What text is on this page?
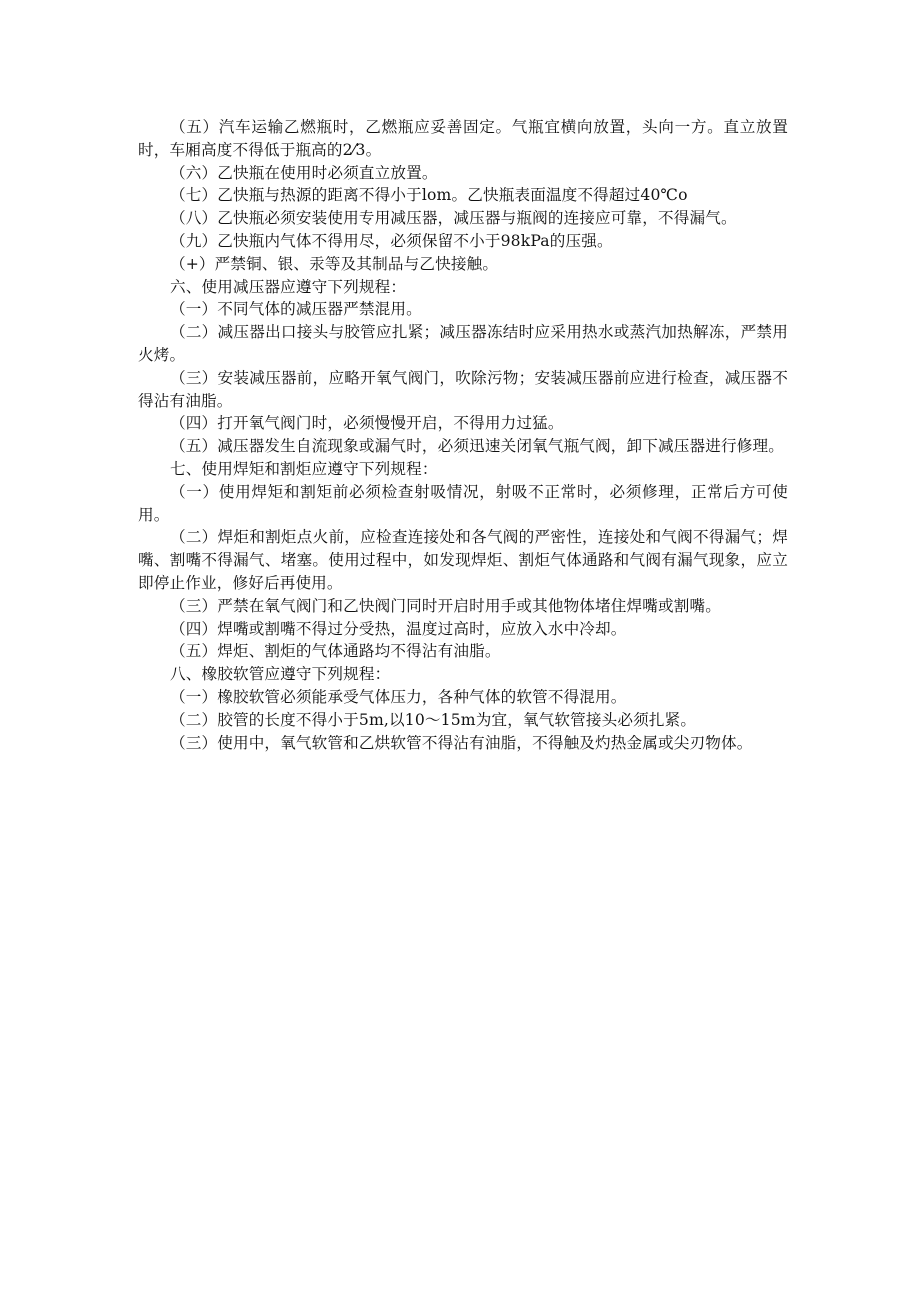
（五）汽车运输乙燃瓶时，乙燃瓶应妥善固定。气瓶宜横向放置，头向一方。直立放置时，车厢高度不得低于瓶高的2⁄3。

（六）乙快瓶在使用时必须直立放置。

（七）乙快瓶与热源的距离不得小于lom。乙快瓶表面温度不得超过40℃o

（八）乙快瓶必须安装使用专用减压器，减压器与瓶阀的连接应可靠，不得漏气。

（九）乙快瓶内气体不得用尽，必须保留不小于98kPa的压强。

（+）严禁铜、银、汞等及其制品与乙快接触。

六、使用减压器应遵守下列规程：

（一）不同气体的减压器严禁混用。

（二）减压器出口接头与胶管应扎紧；减压器冻结时应采用热水或蒸汽加热解冻，严禁用火烤。

（三）安装减压器前，应略开氧气阀门，吹除污物；安装减压器前应进行检查，减压器不得沾有油脂。

（四）打开氧气阀门时，必须慢慢开启，不得用力过猛。

（五）减压器发生自流现象或漏气时，必须迅速关闭氧气瓶气阀，卸下减压器进行修理。

七、使用焊矩和割炬应遵守下列规程：

（一）使用焊矩和割矩前必须检查射吸情况，射吸不正常时，必须修理，正常后方可使用。

（二）焊炬和割炬点火前，应检查连接处和各气阀的严密性，连接处和气阀不得漏气；焊嘴、割嘴不得漏气、堵塞。使用过程中，如发现焊炬、割炬气体通路和气阀有漏气现象，应立即停止作业，修好后再使用。

（三）严禁在氧气阀门和乙快阀门同时开启时用手或其他物体堵住焊嘴或割嘴。

（四）焊嘴或割嘴不得过分受热，温度过高时，应放入水中冷却。

（五）焊炬、割炬的气体通路均不得沾有油脂。

八、橡胶软管应遵守下列规程：

（一）橡胶软管必须能承受气体压力，各种气体的软管不得混用。

（二）胶管的长度不得小于5m,以10〜15m为宜，氧气软管接头必须扎紧。

（三）使用中，氧气软管和乙烘软管不得沾有油脂，不得触及灼热金属或尖刃物体。
